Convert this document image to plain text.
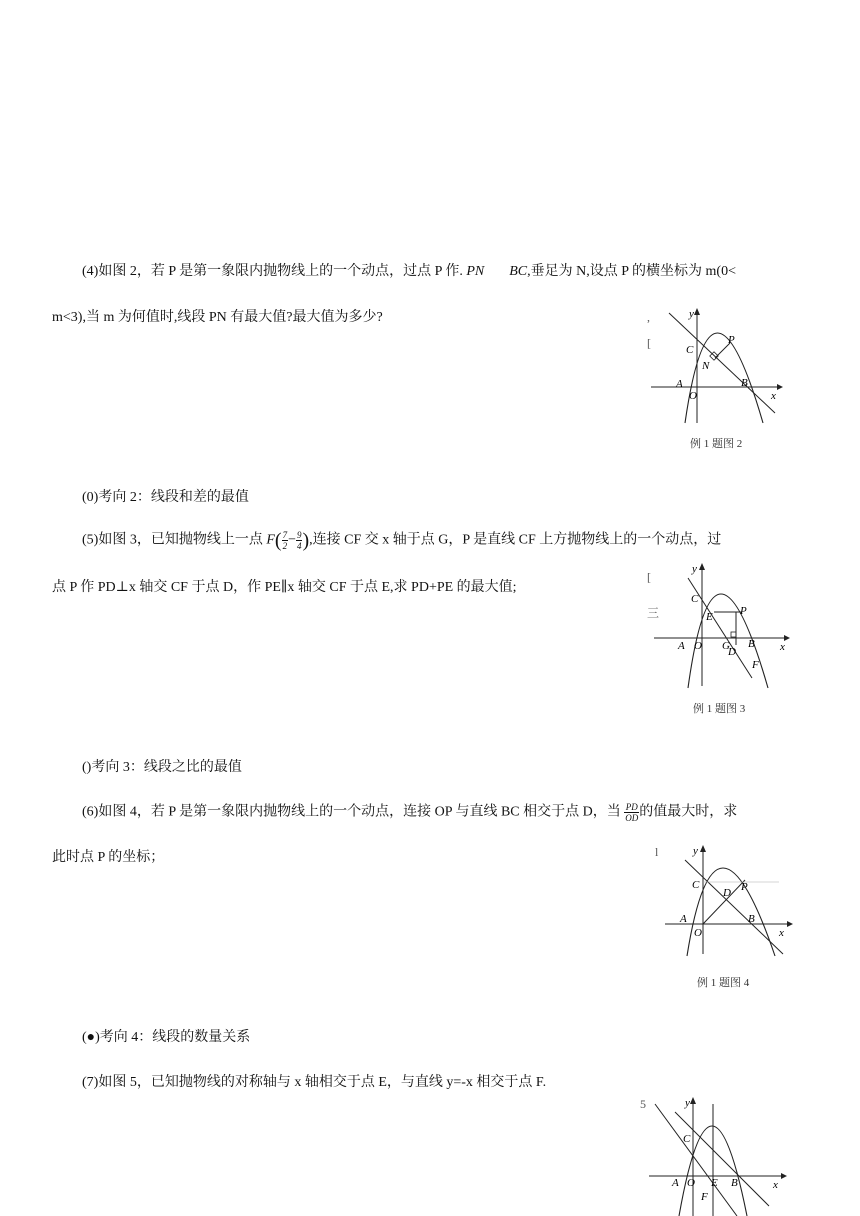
(4)如图 2，若 P 是第一象限内抛物线上的一个动点，过点 P 作. PN BC,垂足为 N,设点 P 的横坐标为 m(0<
m<3),当 m 为何值时,线段 PN 有最大值?最大值为多少?	,
[
y
x
C
P
N
A
O
B
例 1 题图 2
(0)考向 2：线段和差的最值
(5)如图 3，已知抛物线上一点 $F( \frac{7}{2} - \frac{9}{4}$ ),连接 CF 交 x 轴于点 G，P 是直线 CF 上方抛物线上的一个动点，过
点 P 作 PD⊥x 轴交 CF 于点 D，作 PE∥x 轴交 CF 于点 E,求 PD+PE 的最大值;
[
三
y
x
C
E P
A O G B
D
F
例 1 题图 3
()考向 3：线段之比的最值
(6)如图 4，若 P 是第一象限内抛物线上的一个动点，连接 OP 与直线 BC 相交于点 D，当 $\frac{PD}{OD}$ 的值最大时，求
此时点 P 的坐标；	l	y
x
C
D P
A
O
B
例 1 题图 4
(●)考向 4：线段的数量关系
(7)如图 5，已知抛物线的对称轴与 x 轴相交于点 E，与直线 y=-x 相交于点 F.
5	y
x
C
A O E B
F
